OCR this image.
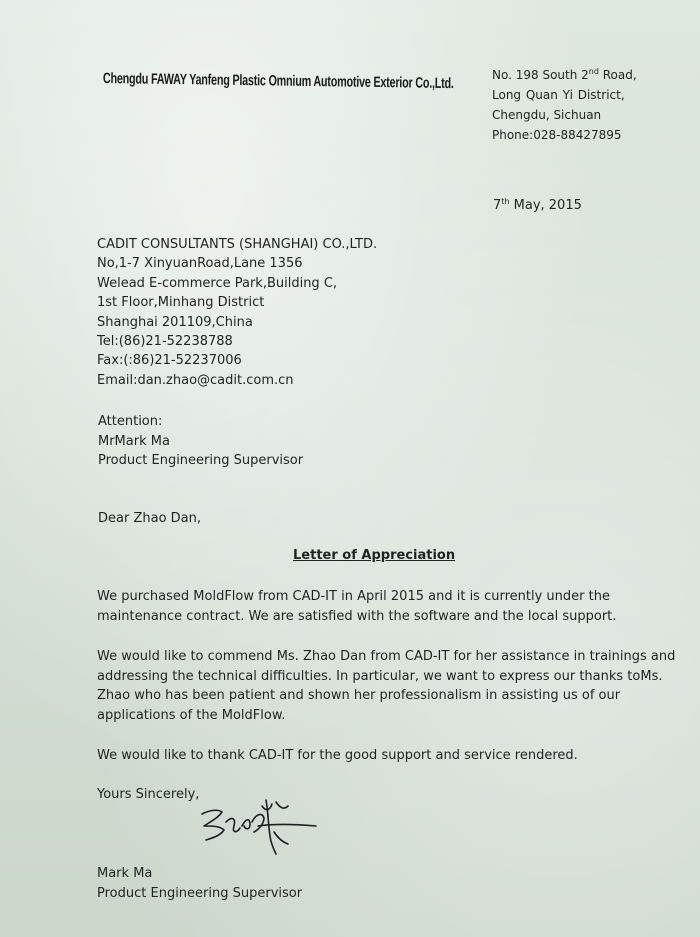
Chengdu FAWAY Yanfeng Plastic Omnium Automotive Exterior Co.,Ltd.	No. 198 South 2nd Road,
Long Quan Yi District,
Chengdu, Sichuan
Phone:028-88427895
7th May, 2015
CADIT CONSULTANTS (SHANGHAI) CO.,LTD.
No,1-7 XinyuanRoad,Lane 1356
Welead E-commerce Park,Building C,
1st Floor,Minhang District
Shanghai 201109,China
Tel:(86)21-52238788
Fax:(:86)21-52237006
Email:dan.zhao@cadit.com.cn
Attention:
MrMark Ma
Product Engineering Supervisor
Dear Zhao Dan,
Letter of Appreciation
We purchased MoldFlow from CAD-IT in April 2015 and it is currently under the
maintenance contract. We are satisfied with the software and the local support.
We would like to commend Ms. Zhao Dan from CAD-IT for her assistance in trainings and
addressing the technical difficulties. In particular, we want to express our thanks toMs.
Zhao who has been patient and shown her professionalism in assisting us of our
applications of the MoldFlow.
We would like to thank CAD-IT for the good support and service rendered.
Yours Sincerely,
Mark Ma
Product Engineering Supervisor
